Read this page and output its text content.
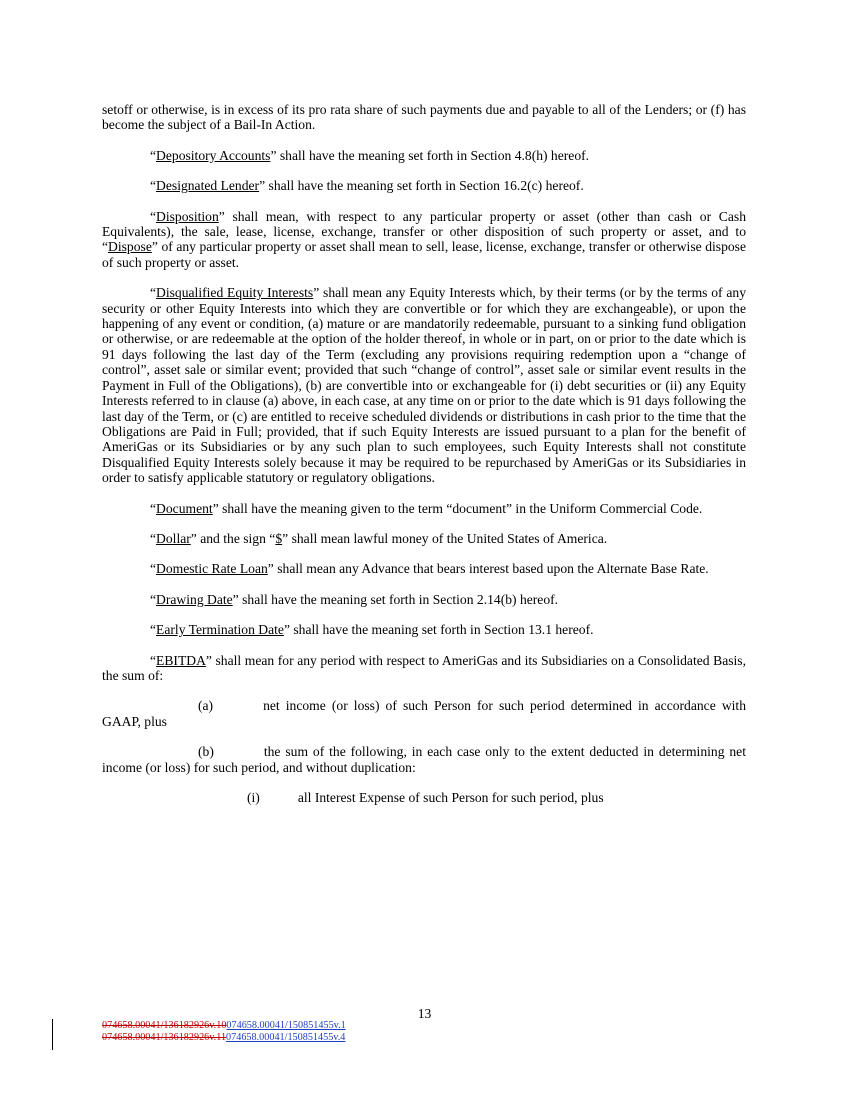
setoff or otherwise, is in excess of its pro rata share of such payments due and payable to all of the Lenders; or (f) has become the subject of a Bail-In Action.

“Depository Accounts” shall have the meaning set forth in Section 4.8(h) hereof.

“Designated Lender” shall have the meaning set forth in Section 16.2(c) hereof.

“Disposition” shall mean, with respect to any particular property or asset (other than cash or Cash Equivalents), the sale, lease, license, exchange, transfer or other disposition of such property or asset, and to “Dispose” of any particular property or asset shall mean to sell, lease, license, exchange, transfer or otherwise dispose of such property or asset.

“Disqualified Equity Interests” shall mean any Equity Interests which, by their terms (or by the terms of any security or other Equity Interests into which they are convertible or for which they are exchangeable), or upon the happening of any event or condition, (a) mature or are mandatorily redeemable, pursuant to a sinking fund obligation or otherwise, or are redeemable at the option of the holder thereof, in whole or in part, on or prior to the date which is 91 days following the last day of the Term (excluding any provisions requiring redemption upon a “change of control”, asset sale or similar event; provided that such “change of control”, asset sale or similar event results in the Payment in Full of the Obligations), (b) are convertible into or exchangeable for (i) debt securities or (ii) any Equity Interests referred to in clause (a) above, in each case, at any time on or prior to the date which is 91 days following the last day of the Term, or (c) are entitled to receive scheduled dividends or distributions in cash prior to the time that the Obligations are Paid in Full; provided, that if such Equity Interests are issued pursuant to a plan for the benefit of AmeriGas or its Subsidiaries or by any such plan to such employees, such Equity Interests shall not constitute Disqualified Equity Interests solely because it may be required to be repurchased by AmeriGas or its Subsidiaries in order to satisfy applicable statutory or regulatory obligations.

“Document” shall have the meaning given to the term “document” in the Uniform Commercial Code.

“Dollar” and the sign “$” shall mean lawful money of the United States of America.

“Domestic Rate Loan” shall mean any Advance that bears interest based upon the Alternate Base Rate.

“Drawing Date” shall have the meaning set forth in Section 2.14(b) hereof.

“Early Termination Date” shall have the meaning set forth in Section 13.1 hereof.

“EBITDA” shall mean for any period with respect to AmeriGas and its Subsidiaries on a Consolidated Basis, the sum of:

(a)	net income (or loss) of such Person for such period determined in accordance with GAAP, plus

(b)	the sum of the following, in each case only to the extent deducted in determining net income (or loss) for such period, and without duplication:

(i)	all Interest Expense of such Person for such period, plus

13
074658.00041/136182926v.10074658.00041/150851455v.1
074658.00041/136182926v.11074658.00041/150851455v.4
